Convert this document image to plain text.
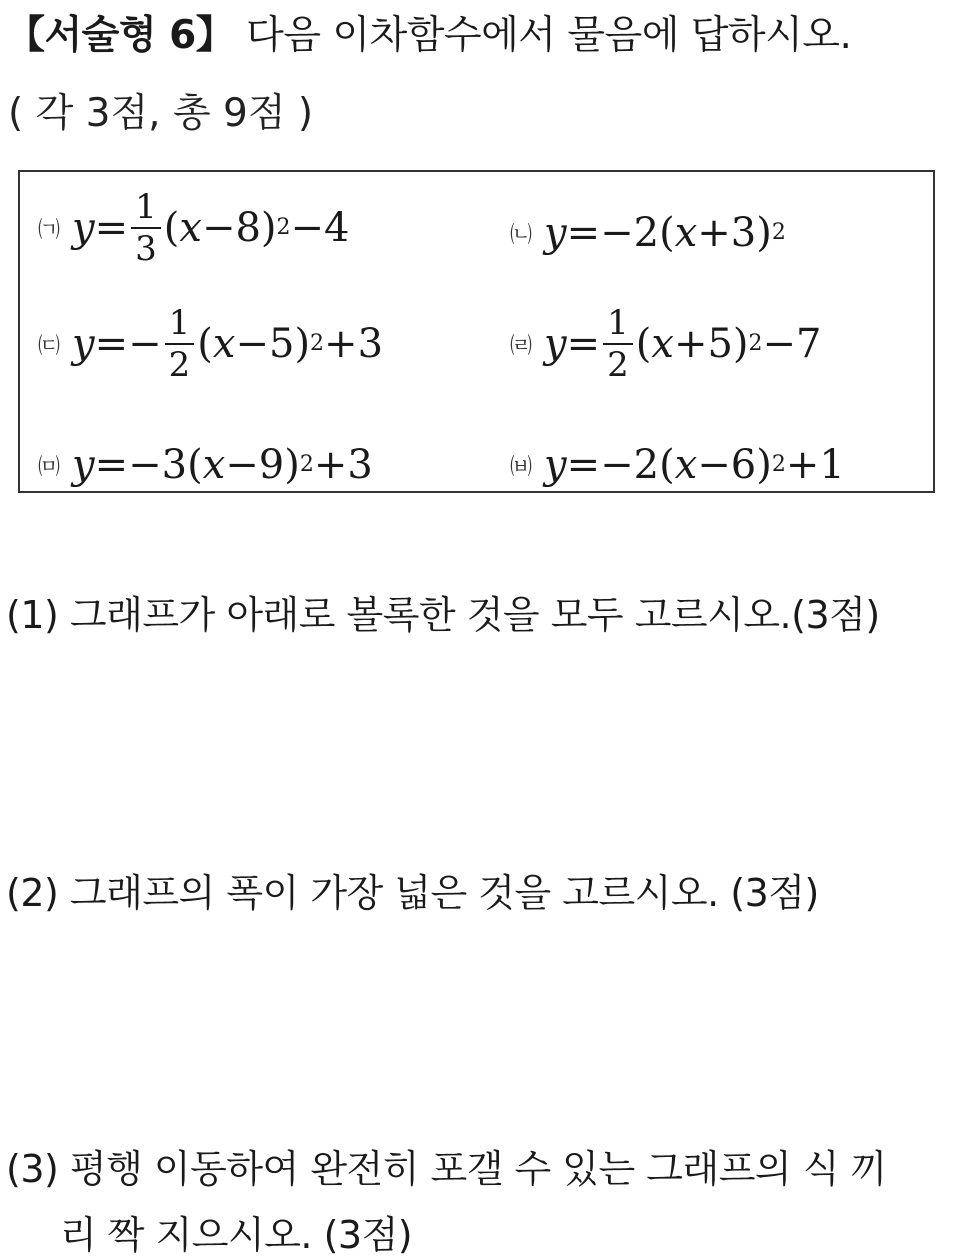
【서술형 6】 다음 이차함수에서 물음에 답하시오.
( 각 3점, 총 9점 )
㈀ $y = \frac{1}{3}$ ( x − 8 ) 2 −4	㈁ y = − 2 ( x + 3 ) 2
㈂ y = − $\frac{1}{2}$ ( x − 5 ) 2 +3	㈃ $y = \frac{1}{2}$ ( x + 5 ) 2 −7
㈄ y = − 3 ( x − 9 ) 2 +3	㈅ y = − 2 ( x − 6 ) 2 +1
(1) 그래프가 아래로 볼록한 것을 모두 고르시오.(3점)
(2) 그래프의 폭이 가장 넓은 것을 고르시오. (3점)
(3) 평행 이동하여 완전히 포갤 수 있는 그래프의 식 끼
리 짝 지으시오. (3점)
